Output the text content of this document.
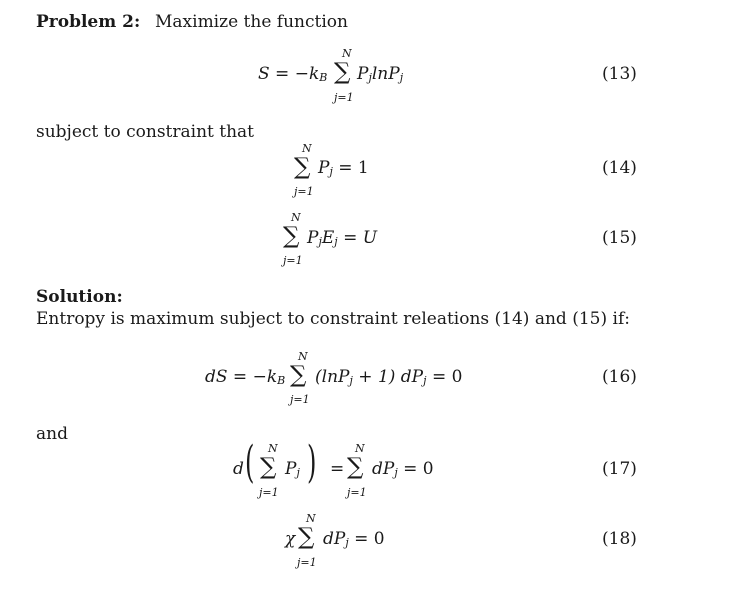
Problem 2: Maximize the function
$S = -k_B$
N
∑
j=1
$P_j\ln P_j$	(13)
subject to constraint that
N
∑
j=1
$P_j = 1$	(14)
N
∑
j=1
$P_jE_j = U$	(15)
Solution:
Entropy is maximum subject to constraint releations (14) and (15) if:
dS = $-k_B$
N
∑
j=1
(lnP$_j$ + 1) $dP_j = 0$	(16)
and
d ( N
∑
j=1
$P_j$ ) =
N
∑
j=1
$dP_j = 0$	(17)
χ
N
∑
j=1
$dP_j = 0$	(18)
